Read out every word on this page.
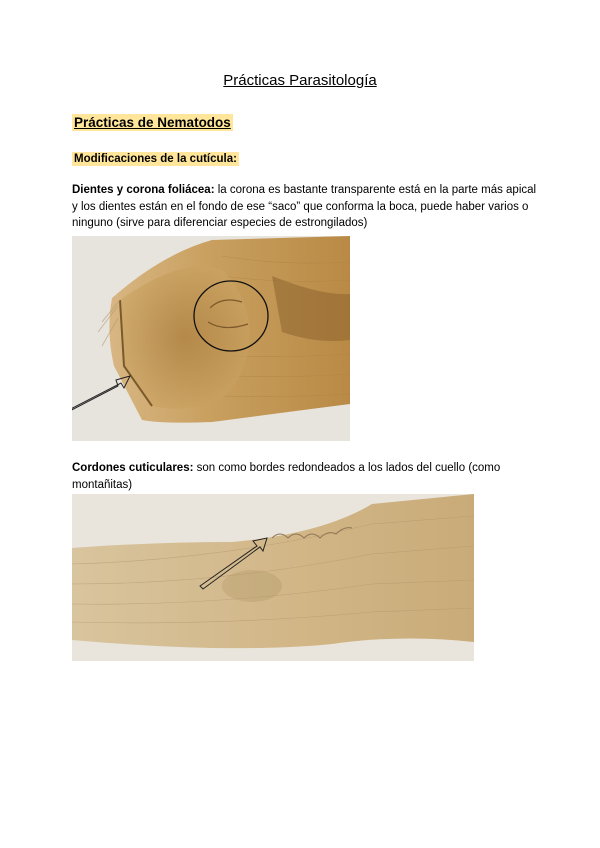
Prácticas Parasitología
Prácticas de Nematodos
Modificaciones de la cutícula:
Dientes y corona foliácea: la corona es bastante transparente está en la parte más apical y los dientes están en el fondo de ese “saco” que conforma la boca, puede haber varios o ninguno (sirve para diferenciar especies de estrongilados)
Cordones cuticulares: son como bordes redondeados a los lados del cuello (como montañitas)
